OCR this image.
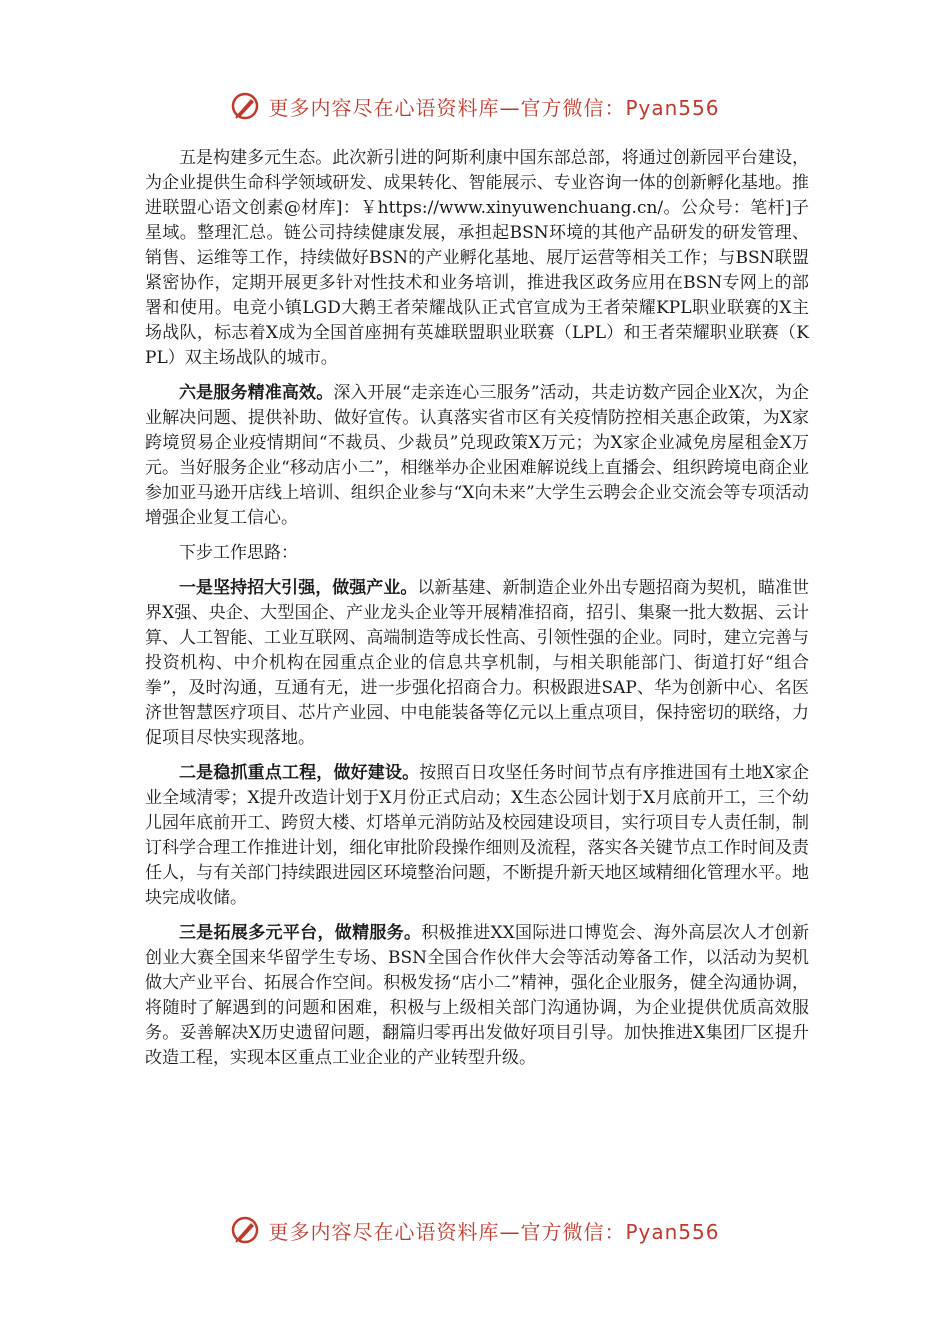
更多内容尽在心语资料库—官方微信：Pyan556

五是构建多元生态。此次新引进的阿斯利康中国东部总部，将通过创新园平台建设，为企业提供生命科学领域研发、成果转化、智能展示、专业咨询一体的创新孵化基地。推进联盟心语文创素@材库]：￥https://www.xinyuwenchuang.cn/。公众号：笔杆]子星域。整理汇总。链公司持续健康发展，承担起BSN环境的其他产品研发的研发管理、销售、运维等工作，持续做好BSN的产业孵化基地、展厅运营等相关工作；与BSN联盟紧密协作，定期开展更多针对性技术和业务培训，推进我区政务应用在BSN专网上的部署和使用。电竞小镇LGD大鹅王者荣耀战队正式官宣成为王者荣耀KPL职业联赛的X主场战队，标志着X成为全国首座拥有英雄联盟职业联赛（LPL）和王者荣耀职业联赛（KPL）双主场战队的城市。

六是服务精准高效。深入开展“走亲连心三服务”活动，共走访数产园企业X次，为企业解决问题、提供补助、做好宣传。认真落实省市区有关疫情防控相关惠企政策，为X家跨境贸易企业疫情期间“不裁员、少裁员”兑现政策X万元；为X家企业减免房屋租金X万元。当好服务企业“移动店小二”，相继举办企业困难解说线上直播会、组织跨境电商企业参加亚马逊开店线上培训、组织企业参与“X向未来”大学生云聘会企业交流会等专项活动增强企业复工信心。

下步工作思路：

一是坚持招大引强，做强产业。以新基建、新制造企业外出专题招商为契机，瞄准世界X强、央企、大型国企、产业龙头企业等开展精准招商，招引、集聚一批大数据、云计算、人工智能、工业互联网、高端制造等成长性高、引领性强的企业。同时，建立完善与投资机构、中介机构在园重点企业的信息共享机制，与相关职能部门、街道打好“组合拳”，及时沟通，互通有无，进一步强化招商合力。积极跟进SAP、华为创新中心、名医济世智慧医疗项目、芯片产业园、中电能装备等亿元以上重点项目，保持密切的联络，力促项目尽快实现落地。

二是稳抓重点工程，做好建设。按照百日攻坚任务时间节点有序推进国有土地X家企业全域清零；X提升改造计划于X月份正式启动；X生态公园计划于X月底前开工，三个幼儿园年底前开工、跨贸大楼、灯塔单元消防站及校园建设项目，实行项目专人责任制，制订科学合理工作推进计划，细化审批阶段操作细则及流程，落实各关键节点工作时间及责任人，与有关部门持续跟进园区环境整治问题，不断提升新天地区域精细化管理水平。地块完成收储。

三是拓展多元平台，做精服务。积极推进XX国际进口博览会、海外高层次人才创新创业大赛全国来华留学生专场、BSN全国合作伙伴大会等活动筹备工作，以活动为契机做大产业平台、拓展合作空间。积极发扬“店小二”精神，强化企业服务，健全沟通协调，将随时了解遇到的问题和困难，积极与上级相关部门沟通协调，为企业提供优质高效服务。妥善解决X历史遗留问题，翻篇归零再出发做好项目引导。加快推进X集团厂区提升改造工程，实现本区重点工业企业的产业转型升级。

更多内容尽在心语资料库—官方微信：Pyan556
